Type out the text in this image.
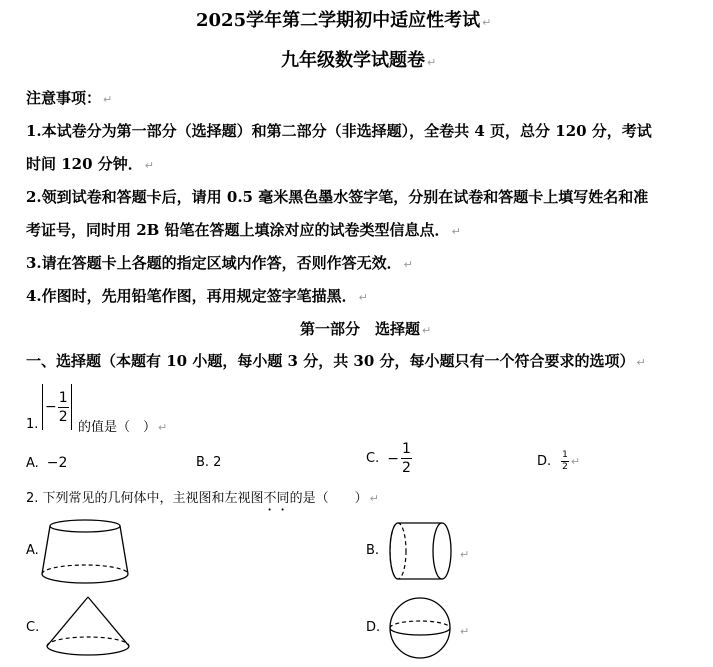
2025学年第二学期初中适应性考试 ↵
九年级数学试题卷 ↵
注意事项： ↵
1.本试卷分为第一部分（选择题）和第二部分（非选择题），全卷共 4 页，总分 120 分，考试
时间 120 分钟． ↵
2.领到试卷和答题卡后，请用 0.5 毫米黑色墨水签字笔，分别在试卷和答题卡上填写姓名和准
考证号，同时用 2B 铅笔在答题上填涂对应的试卷类型信息点． ↵
3.请在答题卡上各题的指定区域内作答，否则作答无效． ↵
4.作图时，先用铅笔作图，再用规定签字笔描黑． ↵
第一部分　选择题 ↵
一、选择题（本题有 10 小题，每小题 3 分，共 30 分，每小题只有一个符合要求的选项） ↵
1.
− $\frac{1}{2}$
的值是（　） ↵
A. −2	B. 2	C. − $\frac{1}{2}$	D. $\frac{1}{2}$ ↵
2. 下列常见的几何体中，主视图和左视图不同的是（　　） ↵
A.	B.	↵
C.	D.	↵
